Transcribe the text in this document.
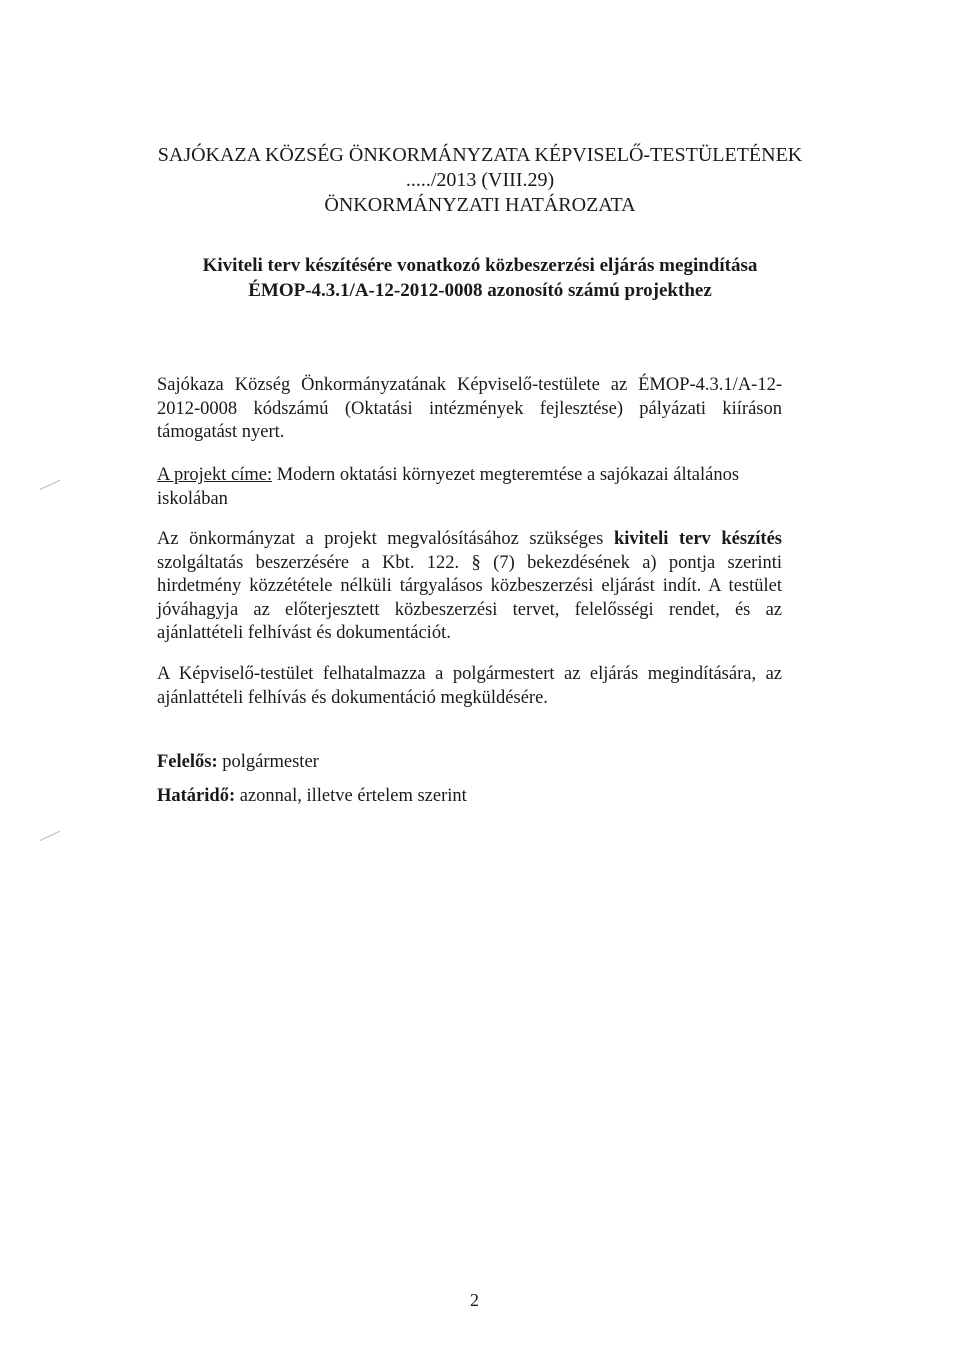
SAJÓKAZA KÖZSÉG ÖNKORMÁNYZATA KÉPVISELŐ-TESTÜLETÉNEK
...../2013 (VIII.29)
ÖNKORMÁNYZATI HATÁROZATA
Kiviteli terv készítésére vonatkozó közbeszerzési eljárás megindítása
ÉMOP-4.3.1/A-12-2012-0008 azonosító számú projekthez
Sajókaza Község Önkormányzatának Képviselő-testülete az ÉMOP-4.3.1/A-12-2012-0008 kódszámú (Oktatási intézmények fejlesztése) pályázati kiíráson támogatást nyert.
A projekt címe: Modern oktatási környezet megteremtése a sajókazai általános iskolában
Az önkormányzat a projekt megvalósításához szükséges kiviteli terv készítés szolgáltatás beszerzésére a Kbt. 122. § (7) bekezdésének a) pontja szerinti hirdetmény közzététele nélküli tárgyalásos közbeszerzési eljárást indít. A testület jóváhagyja az előterjesztett közbeszerzési tervet, felelősségi rendet, és az ajánlattételi felhívást és dokumentációt.
A Képviselő-testület felhatalmazza a polgármestert az eljárás megindítására, az ajánlattételi felhívás és dokumentáció megküldésére.
Felelős: polgármester
Határidő: azonnal, illetve értelem szerint
2
